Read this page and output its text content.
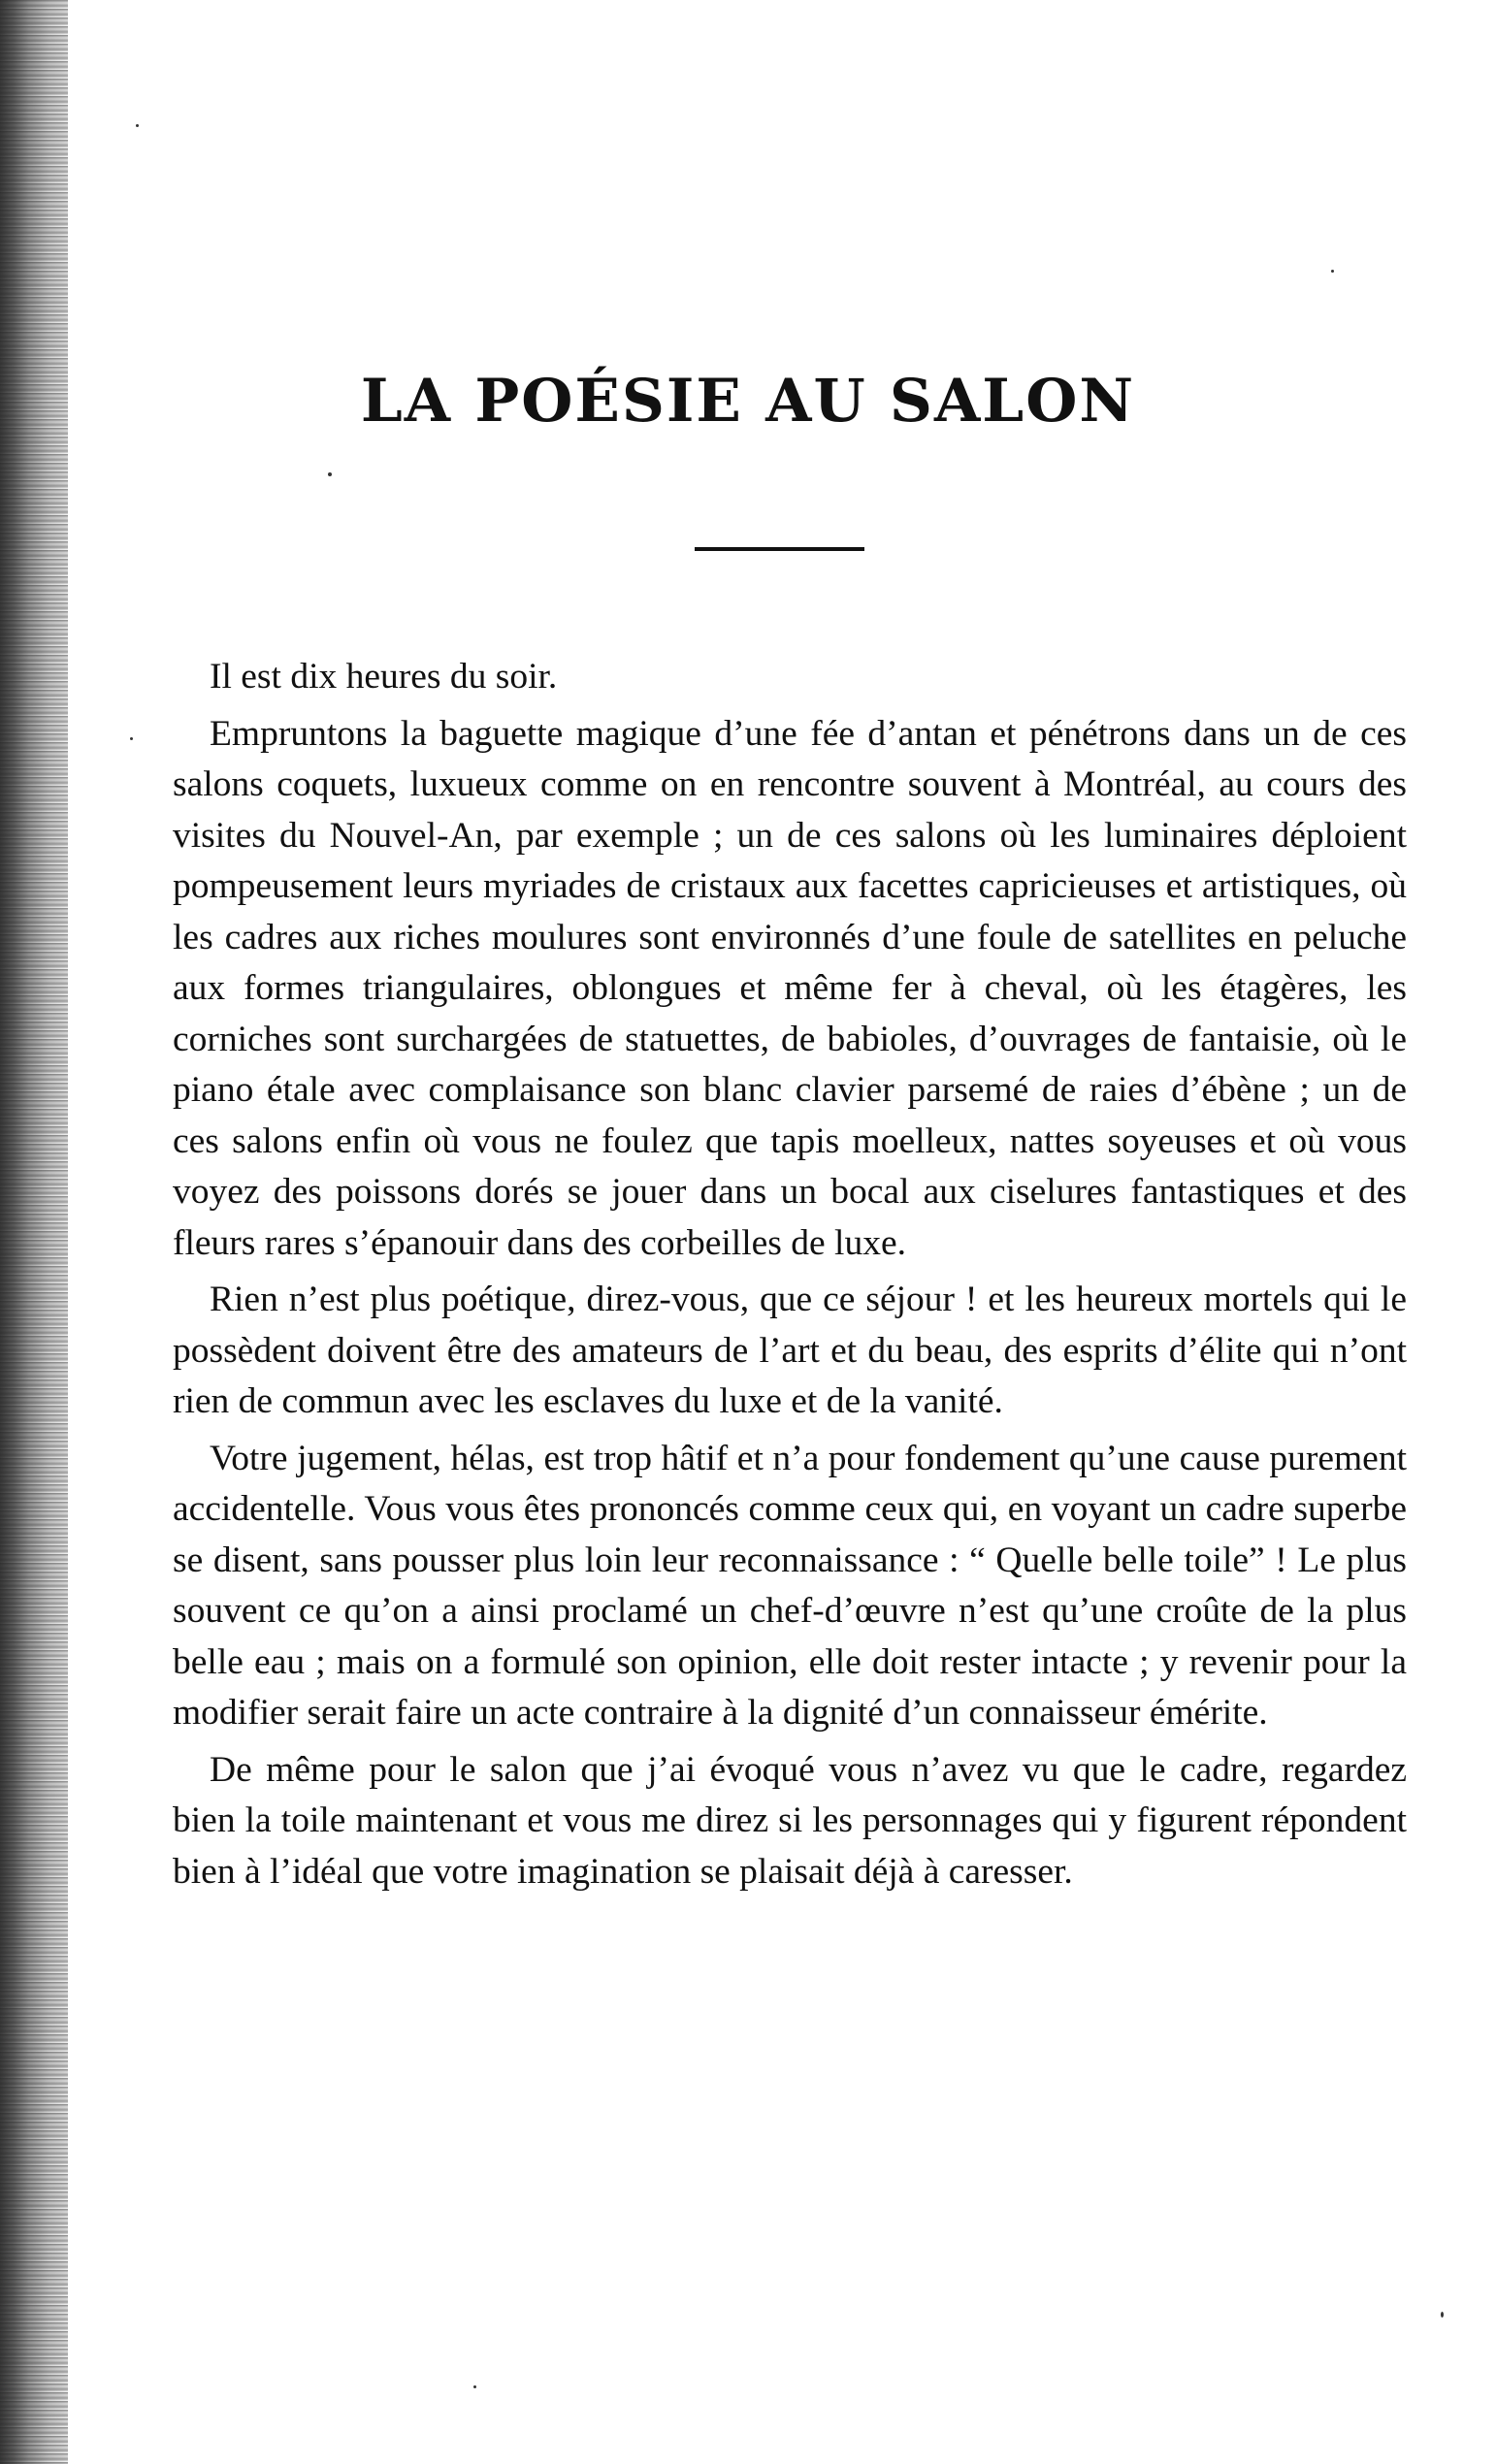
LA POÉSIE AU SALON

Il est dix heures du soir.

Empruntons la baguette magique d’une fée d’antan et pénétrons dans un de ces salons coquets, luxueux comme on en rencontre souvent à Montréal, au cours des visites du Nouvel-An, par exemple ; un de ces salons où les luminaires déploient pompeusement leurs myriades de cristaux aux facettes capricieuses et artistiques, où les cadres aux riches moulures sont environnés d’une foule de satellites en peluche aux formes triangulaires, oblongues et même fer à cheval, où les étagères, les corniches sont surchargées de statuettes, de babioles, d’ouvrages de fantaisie, où le piano étale avec complaisance son blanc clavier parsemé de raies d’ébène ; un de ces salons enfin où vous ne foulez que tapis moelleux, nattes soyeuses et où vous voyez des poissons dorés se jouer dans un bocal aux ciselures fantastiques et des fleurs rares s’épanouir dans des corbeilles de luxe.

Rien n’est plus poétique, direz-vous, que ce séjour ! et les heureux mortels qui le possèdent doivent être des amateurs de l’art et du beau, des esprits d’élite qui n’ont rien de commun avec les esclaves du luxe et de la vanité.

Votre jugement, hélas, est trop hâtif et n’a pour fondement qu’une cause purement accidentelle. Vous vous êtes prononcés comme ceux qui, en voyant un cadre superbe se disent, sans pousser plus loin leur reconnaissance : “ Quelle belle toile” ! Le plus souvent ce qu’on a ainsi proclamé un chef-d’œuvre n’est qu’une croûte de la plus belle eau ; mais on a formulé son opinion, elle doit rester intacte ; y revenir pour la modifier serait faire un acte contraire à la dignité d’un connaisseur émérite.

De même pour le salon que j’ai évoqué vous n’avez vu que le cadre, regardez bien la toile maintenant et vous me direz si les personnages qui y figurent répondent bien à l’idéal que votre imagination se plaisait déjà à caresser.
